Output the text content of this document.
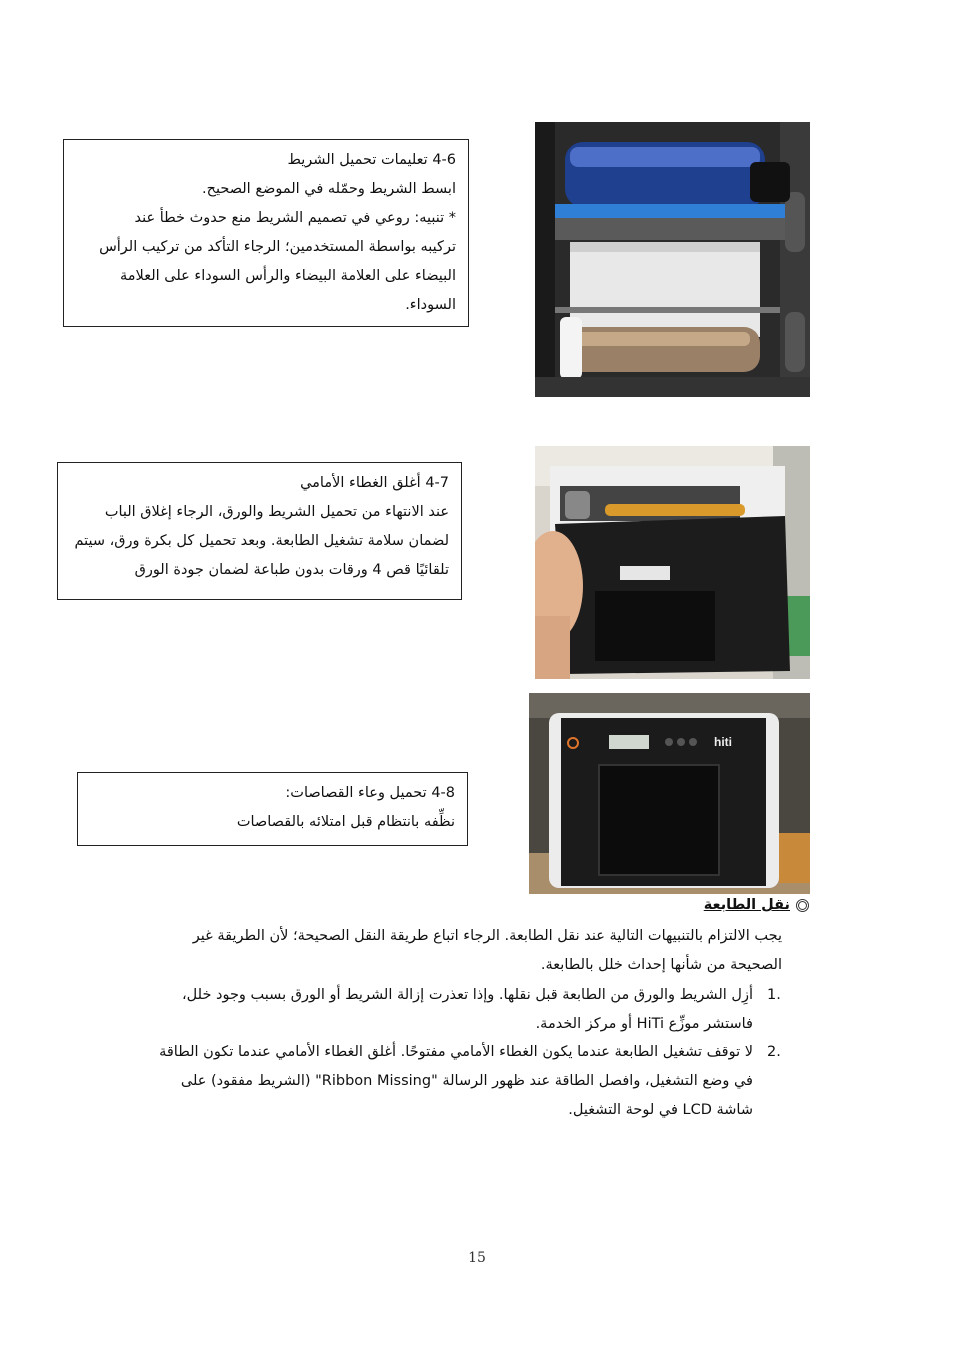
4-6 تعليمات تحميل الشريط
ابسط الشريط وحمّله في الموضع الصحيح.
* تنبيه: روعي في تصميم الشريط منع حدوث خطأ عند
تركيبه بواسطة المستخدمين؛ الرجاء التأكد من تركيب الرأس
البيضاء على العلامة البيضاء والرأس السوداء على العلامة
السوداء.
4-7 أغلق الغطاء الأمامي
عند الانتهاء من تحميل الشريط والورق، الرجاء إغلاق الباب
لضمان سلامة تشغيل الطابعة. وبعد تحميل كل بكرة ورق، سيتم
تلقائيًا قص 4 ورقات بدون طباعة لضمان جودة الورق
4-8 تحميل وعاء القصاصات:
نظِّفه بانتظام قبل امتلائه بالقصاصات
hiti
نقل الطابعة
يجب الالتزام بالتنبيهات التالية عند نقل الطابعة. الرجاء اتباع طريقة النقل الصحيحة؛ لأن الطريقة غير
الصحيحة من شأنها إحداث خلل بالطابعة.
1.
أزِل الشريط والورق من الطابعة قبل نقلها. وإذا تعذرت إزالة الشريط أو الورق بسبب وجود خلل،
فاستشر موزِّع HiTi أو مركز الخدمة.
2.
لا توقف تشغيل الطابعة عندما يكون الغطاء الأمامي مفتوحًا. أغلق الغطاء الأمامي عندما تكون الطاقة
في وضع التشغيل، وافصل الطاقة عند ظهور الرسالة "Ribbon Missing" (الشريط مفقود) على
شاشة LCD في لوحة التشغيل.
15
